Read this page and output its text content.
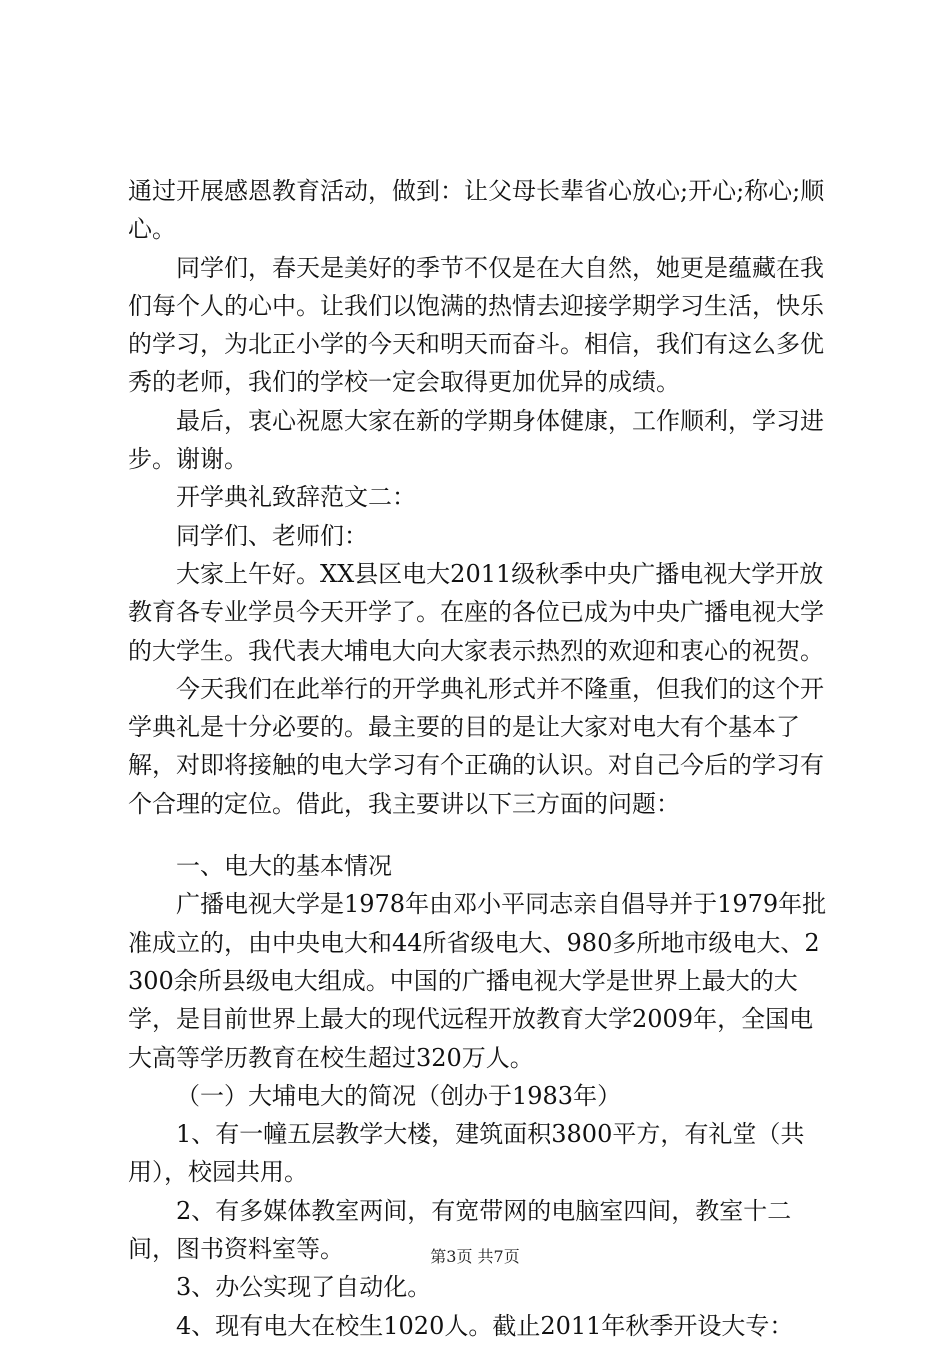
通过开展感恩教育活动，做到：让父母长辈省心放心;开心;称心;顺心。

同学们，春天是美好的季节不仅是在大自然，她更是蕴藏在我们每个人的心中。让我们以饱满的热情去迎接学期学习生活，快乐的学习，为北正小学的今天和明天而奋斗。相信，我们有这么多优秀的老师，我们的学校一定会取得更加优异的成绩。

最后，衷心祝愿大家在新的学期身体健康，工作顺利，学习进步。谢谢。

开学典礼致辞范文二：

同学们、老师们：

大家上午好。XX县区电大2011级秋季中央广播电视大学开放教育各专业学员今天开学了。在座的各位已成为中央广播电视大学的大学生。我代表大埔电大向大家表示热烈的欢迎和衷心的祝贺。

今天我们在此举行的开学典礼形式并不隆重，但我们的这个开学典礼是十分必要的。最主要的目的是让大家对电大有个基本了解，对即将接触的电大学习有个正确的认识。对自己今后的学习有个合理的定位。借此，我主要讲以下三方面的问题：

一、电大的基本情况

广播电视大学是1978年由邓小平同志亲自倡导并于1979年批准成立的，由中央电大和44所省级电大、980多所地市级电大、2300余所县级电大组成。中国的广播电视大学是世界上最大的大学，是目前世界上最大的现代远程开放教育大学2009年，全国电大高等学历教育在校生超过320万人。

（一）大埔电大的简况（创办于1983年）

1、有一幢五层教学大楼，建筑面积3800平方，有礼堂（共用），校园共用。

2、有多媒体教室两间，有宽带网的电脑室四间，教室十二间，图书资料室等。

3、办公实现了自动化。

4、现有电大在校生1020人。截止2011年秋季开设大专：

第3页 共7页
